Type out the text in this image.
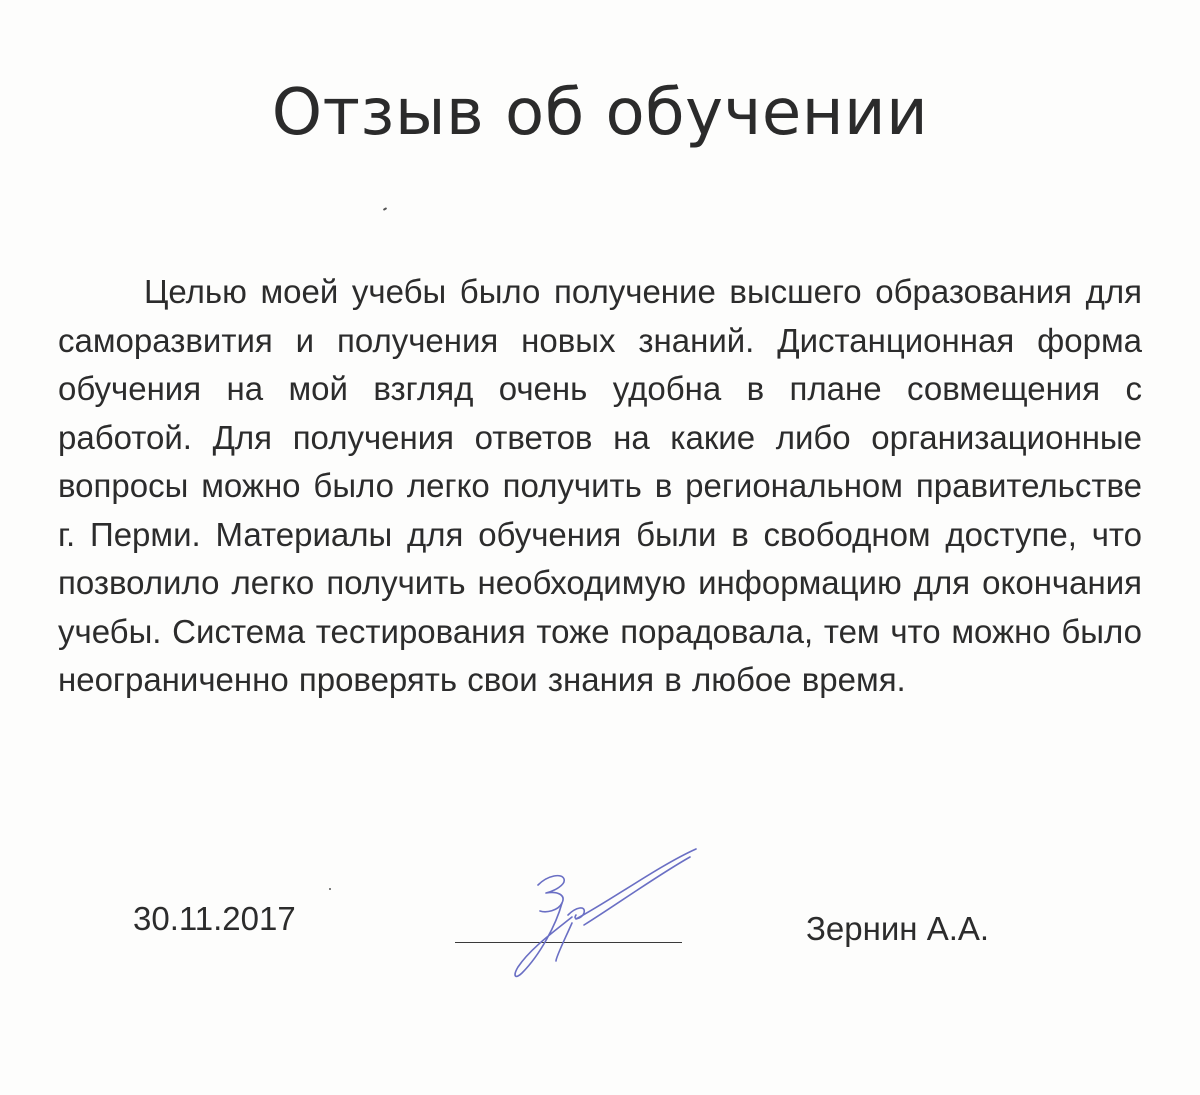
Отзыв об обучении

Целью моей учебы было получение высшего образования для саморазвития и получения новых знаний. Дистанционная форма обучения на мой взгляд очень удобна в плане совмещения с работой. Для получения ответов на какие либо организационные вопросы можно было легко получить в региональном правительстве г. Перми. Материалы для обучения были в свободном доступе, что позволило легко получить необходимую информацию для окончания учебы. Система тестирования тоже порадовала, тем что можно было неограниченно проверять свои знания в любое время.

30.11.2017	Зернин А.А.
